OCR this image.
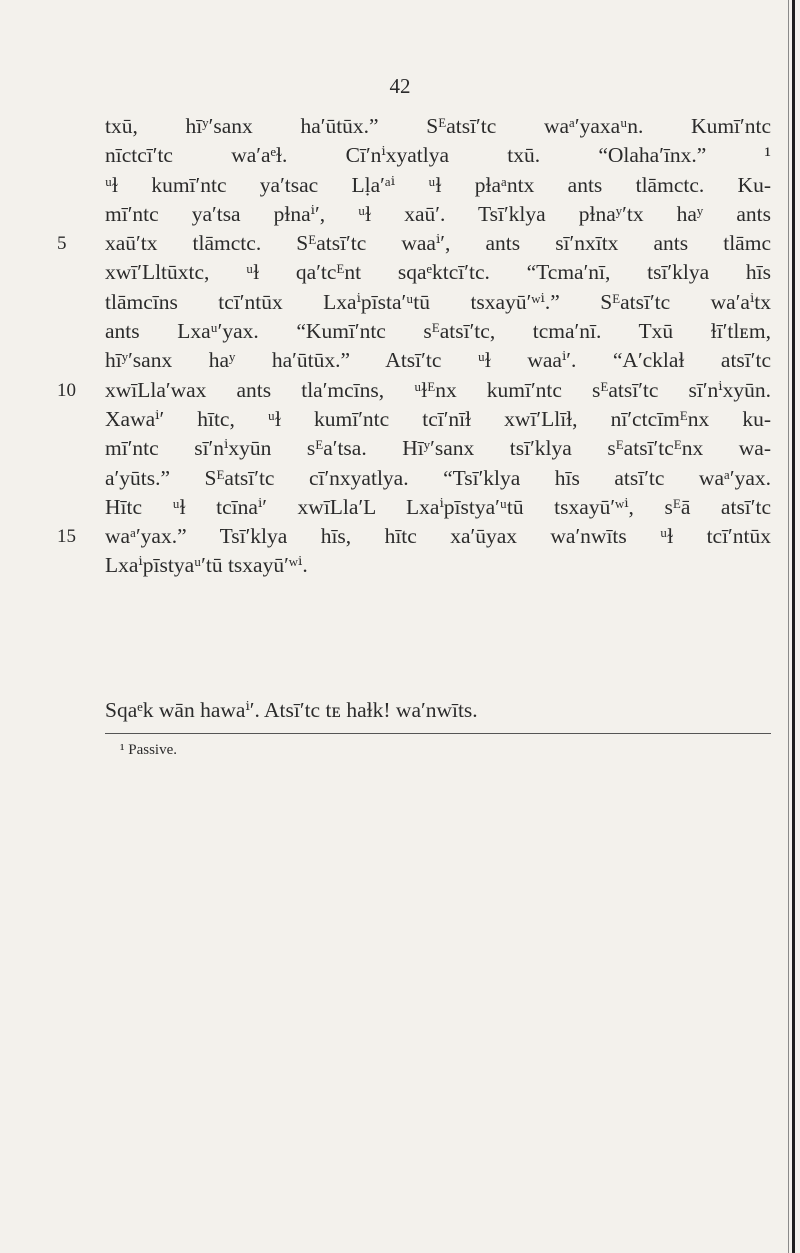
42
txū, hīʸʹsanx haʹūtūx.” Sᴱatsīʹtc waᵃʹyaxaᵘn. Kumīʹntc
nīctcīʹtc waʹaᵉɫ. Cīʹnⁱxyatlya txū. “Olahaʹīnx.” ¹
ᵘɫ kumīʹntc yaʹtsac Lḷaʹᵃⁱ ᵘɫ pɫaᵃntx ants tlāmctc. Ku-
mīʹntc yaʹtsa pɫnaⁱʹ, ᵘɫ xaūʹ. Tsīʹklya pɫnaʸʹtx haʸ ants
5	xaūʹtx tlāmctc. Sᴱatsīʹtc waaⁱʹ, ants sīʹnxītx ants tlāmc
xwīʹLltūxtc, ᵘɫ qaʹtcᴱnt sqaᵉktcīʹtc. “Tcmaʹnī, tsīʹklya hīs
tlāmcīns tcīʹntūx Lxaⁱpīstaʹᵘtū tsxayūʹʷⁱ.” Sᴱatsīʹtc waʹaⁱtx
ants Lxaᵘʹyax. “Kumīʹntc sᴱatsīʹtc, tcmaʹnī. Txū ɫīʹtlᴇm,
hīʸʹsanx haʸ haʹūtūx.” Atsīʹtc ᵘɫ waaⁱʹ. “Aʹcklaɫ atsīʹtc
10	xwīLlaʹwax ants tlaʹmcīns, ᵘɫᴱnx kumīʹntc sᴱatsīʹtc sīʹnⁱxyūn.
Xawaⁱʹ hītc, ᵘɫ kumīʹntc tcīʹnīɫ xwīʹLlīɫ, nīʹctcīmᴱnx ku-
mīʹntc sīʹnⁱxyūn sᴱaʹtsa. Hīʸʹsanx tsīʹklya sᴱatsīʹtcᴱnx wa-
aʹyūts.” Sᴱatsīʹtc cīʹnxyatlya. “Tsīʹklya hīs atsīʹtc waᵃʹyax.
Hītc ᵘɫ tcīnaⁱʹ xwīLlaʹL Lxaⁱpīstyaʹᵘtū tsxayūʹʷⁱ, sᴱā atsīʹtc
15	waᵃʹyax.” Tsīʹklya hīs, hītc xaʹūyax waʹnwīts ᵘɫ tcīʹntūx
Lxaⁱpīstyaᵘʹtū tsxayūʹʷⁱ.
Sqaᵉk wān hawaⁱʹ. Atsīʹtc tᴇ haɫk! waʹnwīts.
¹ Passive.
